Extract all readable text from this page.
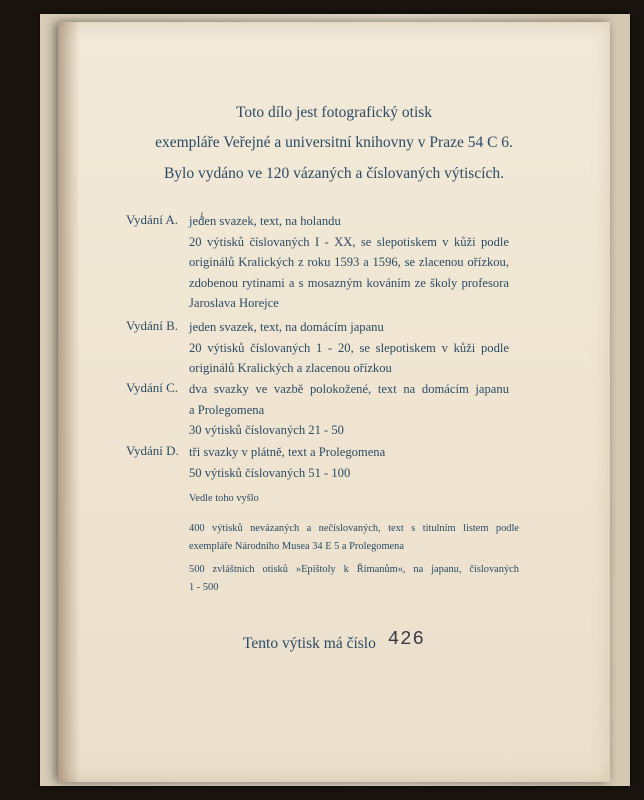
Toto dílo jest fotografický otisk
exempláře Veřejné a universitní knihovny v Praze 54 C 6.
Bylo vydáno ve 120 vázaných a číslovaných výtiscích.
Vydání A. jeden svazek, text, na holandu
20 výtisků číslovaných I - XX, se slepotiskem v kůži podle
originálů Kralických z roku 1593 a 1596, se zlacenou ořízkou,
zdobenou rytinami a s mosazným kováním ze školy profesora
Jaroslava Horejce
Vydání B. jeden svazek, text, na domácím japanu
20 výtisků číslovaných 1 - 20, se slepotiskem v kůži podle
originálů Kralických a zlacenou ořízkou
Vydání C. dva svazky ve vazbě polokožené, text na domácím japanu
a Prolegomena
30 výtisků číslovaných 21 - 50
Vydání D. tři svazky v plátně, text a Prolegomena
50 výtisků číslovaných 51 - 100
Vedle toho vyšlo
400 výtisků nevázaných a nečíslovaných, text s titulním listem podle
exempláře Národního Musea 34 E 5 a Prolegomena
500 zvláštních otisků »Epištoly k Římanům«, na japanu, číslovaných
1 - 500
Tento výtisk má číslo 426
